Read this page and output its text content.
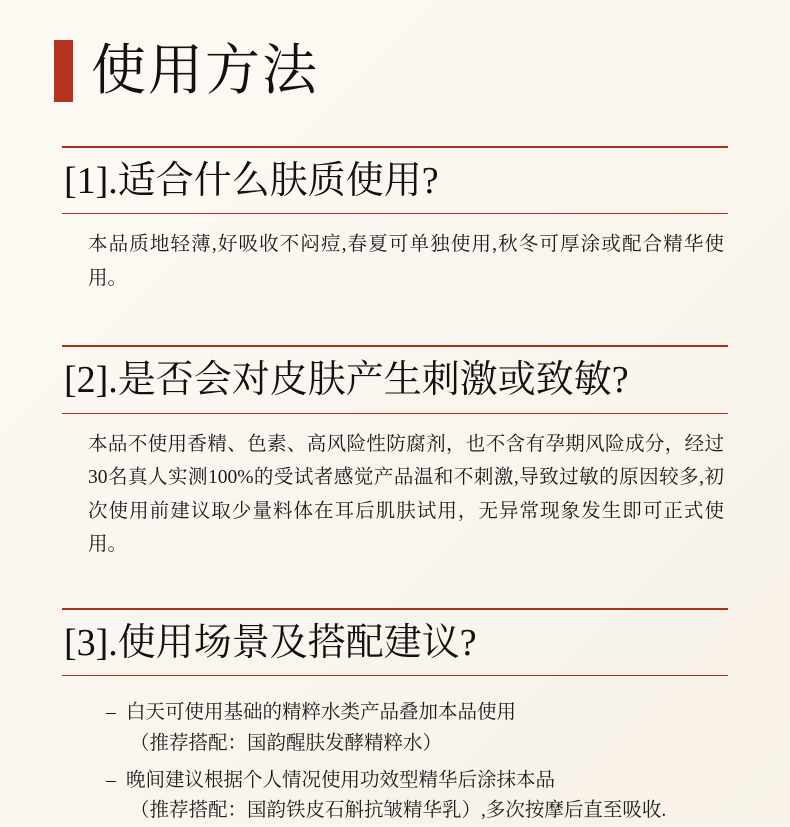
使用方法
[1].适合什么肤质使用?
本品质地轻薄,好吸收不闷痘,春夏可单独使用,秋冬可厚涂或配合精华使用。
[2].是否会对皮肤产生刺激或致敏?
本品不使用香精、色素、高风险性防腐剂，也不含有孕期风险成分，经过30名真人实测100%的受试者感觉产品温和不刺激,导致过敏的原因较多,初次使用前建议取少量料体在耳后肌肤试用，无异常现象发生即可正式使用。
[3].使用场景及搭配建议?
– 白天可使用基础的精粹水类产品叠加本品使用
（推荐搭配：国韵醒肤发酵精粹水）
– 晚间建议根据个人情况使用功效型精华后涂抹本品
（推荐搭配：国韵铁皮石斛抗皱精华乳）,多次按摩后直至吸收.
